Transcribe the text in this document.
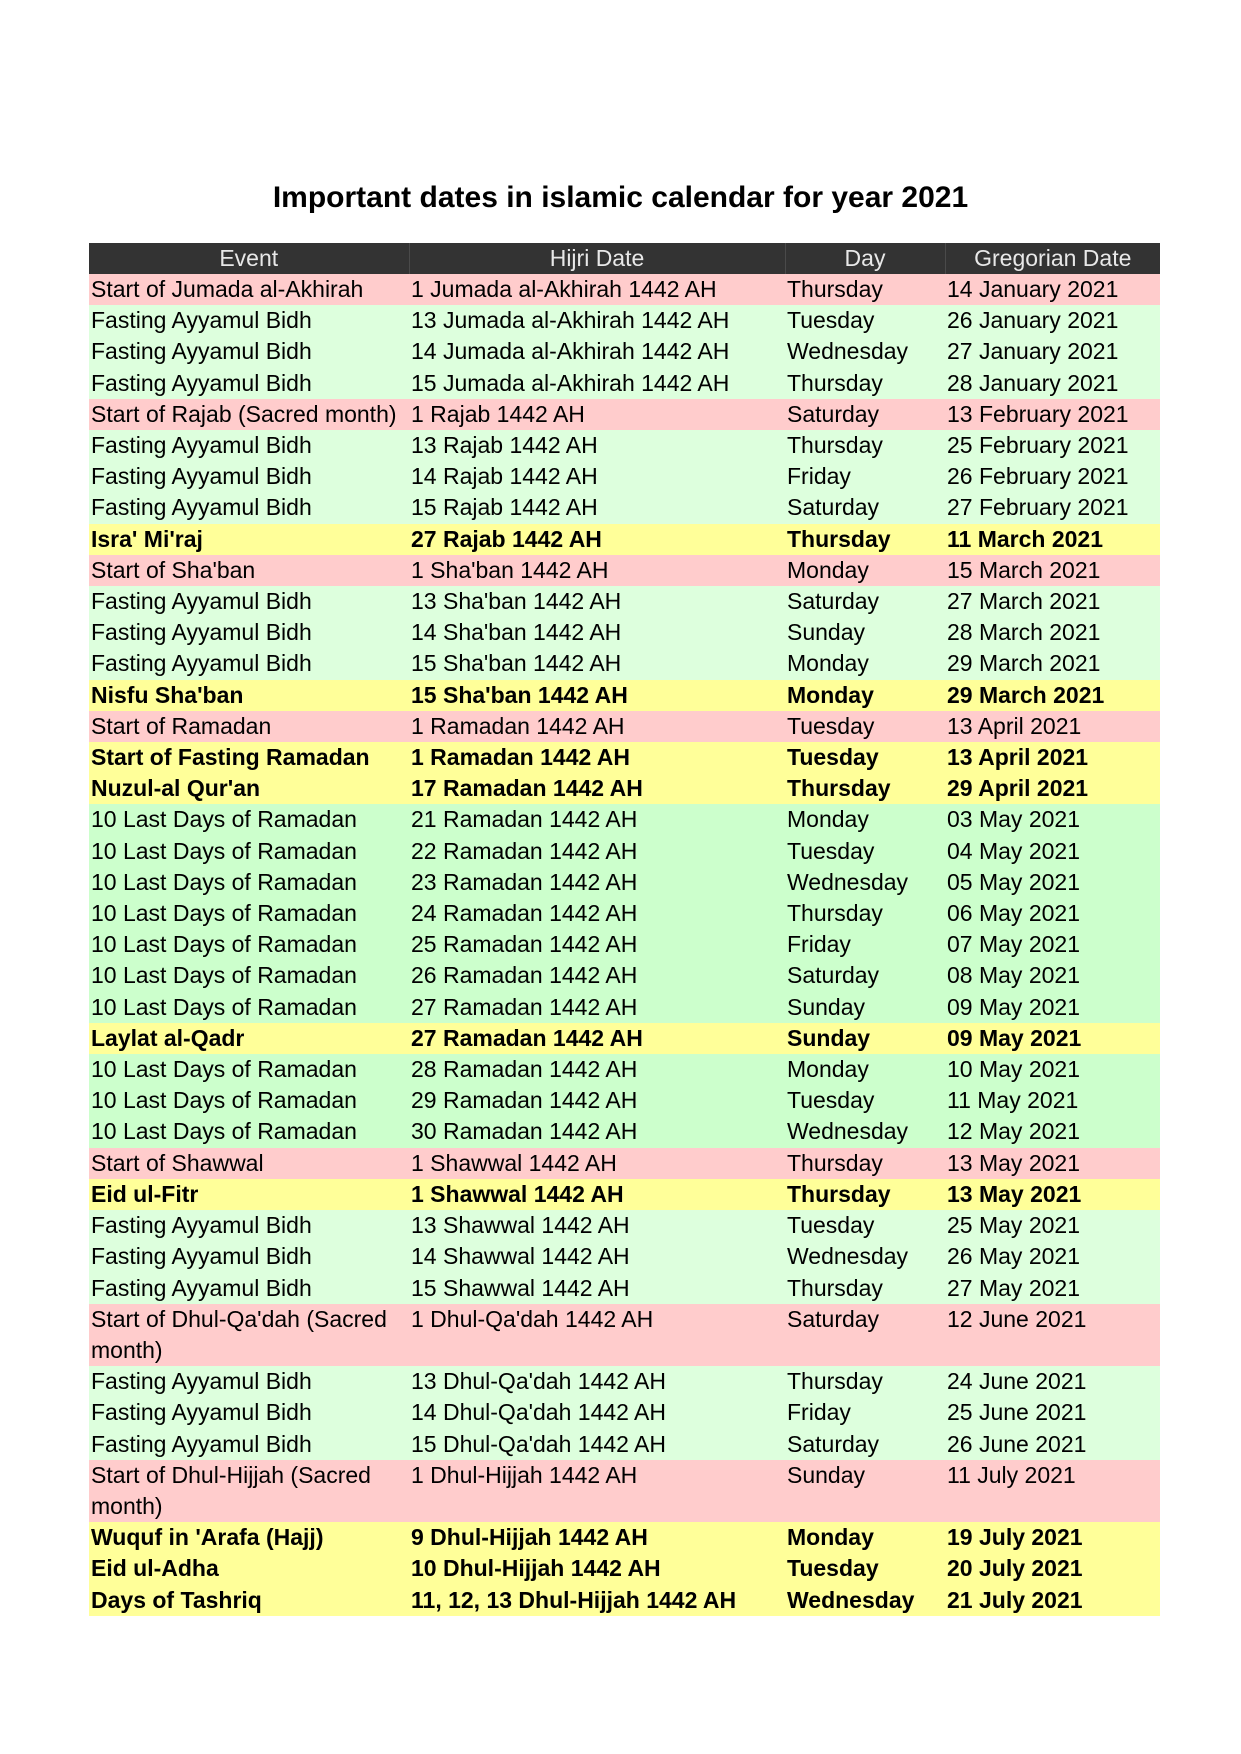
Important dates in islamic calendar for year 2021
Event	Hijri Date	Day	Gregorian Date
Start of Jumada al-Akhirah	1 Jumada al-Akhirah 1442 AH	Thursday	14 January 2021
Fasting Ayyamul Bidh	13 Jumada al-Akhirah 1442 AH	Tuesday	26 January 2021
Fasting Ayyamul Bidh	14 Jumada al-Akhirah 1442 AH	Wednesday	27 January 2021
Fasting Ayyamul Bidh	15 Jumada al-Akhirah 1442 AH	Thursday	28 January 2021
Start of Rajab (Sacred month)	1 Rajab 1442 AH	Saturday	13 February 2021
Fasting Ayyamul Bidh	13 Rajab 1442 AH	Thursday	25 February 2021
Fasting Ayyamul Bidh	14 Rajab 1442 AH	Friday	26 February 2021
Fasting Ayyamul Bidh	15 Rajab 1442 AH	Saturday	27 February 2021
Isra' Mi'raj	27 Rajab 1442 AH	Thursday	11 March 2021
Start of Sha'ban	1 Sha'ban 1442 AH	Monday	15 March 2021
Fasting Ayyamul Bidh	13 Sha'ban 1442 AH	Saturday	27 March 2021
Fasting Ayyamul Bidh	14 Sha'ban 1442 AH	Sunday	28 March 2021
Fasting Ayyamul Bidh	15 Sha'ban 1442 AH	Monday	29 March 2021
Nisfu Sha'ban	15 Sha'ban 1442 AH	Monday	29 March 2021
Start of Ramadan	1 Ramadan 1442 AH	Tuesday	13 April 2021
Start of Fasting Ramadan	1 Ramadan 1442 AH	Tuesday	13 April 2021
Nuzul-al Qur'an	17 Ramadan 1442 AH	Thursday	29 April 2021
10 Last Days of Ramadan	21 Ramadan 1442 AH	Monday	03 May 2021
10 Last Days of Ramadan	22 Ramadan 1442 AH	Tuesday	04 May 2021
10 Last Days of Ramadan	23 Ramadan 1442 AH	Wednesday	05 May 2021
10 Last Days of Ramadan	24 Ramadan 1442 AH	Thursday	06 May 2021
10 Last Days of Ramadan	25 Ramadan 1442 AH	Friday	07 May 2021
10 Last Days of Ramadan	26 Ramadan 1442 AH	Saturday	08 May 2021
10 Last Days of Ramadan	27 Ramadan 1442 AH	Sunday	09 May 2021
Laylat al-Qadr	27 Ramadan 1442 AH	Sunday	09 May 2021
10 Last Days of Ramadan	28 Ramadan 1442 AH	Monday	10 May 2021
10 Last Days of Ramadan	29 Ramadan 1442 AH	Tuesday	11 May 2021
10 Last Days of Ramadan	30 Ramadan 1442 AH	Wednesday	12 May 2021
Start of Shawwal	1 Shawwal 1442 AH	Thursday	13 May 2021
Eid ul-Fitr	1 Shawwal 1442 AH	Thursday	13 May 2021
Fasting Ayyamul Bidh	13 Shawwal 1442 AH	Tuesday	25 May 2021
Fasting Ayyamul Bidh	14 Shawwal 1442 AH	Wednesday	26 May 2021
Fasting Ayyamul Bidh	15 Shawwal 1442 AH	Thursday	27 May 2021
Start of Dhul-Qa'dah (Sacred month)	1 Dhul-Qa'dah 1442 AH	Saturday	12 June 2021
Fasting Ayyamul Bidh	13 Dhul-Qa'dah 1442 AH	Thursday	24 June 2021
Fasting Ayyamul Bidh	14 Dhul-Qa'dah 1442 AH	Friday	25 June 2021
Fasting Ayyamul Bidh	15 Dhul-Qa'dah 1442 AH	Saturday	26 June 2021
Start of Dhul-Hijjah (Sacred month)	1 Dhul-Hijjah 1442 AH	Sunday	11 July 2021
Wuquf in 'Arafa (Hajj)	9 Dhul-Hijjah 1442 AH	Monday	19 July 2021
Eid ul-Adha	10 Dhul-Hijjah 1442 AH	Tuesday	20 July 2021
Days of Tashriq	11, 12, 13 Dhul-Hijjah 1442 AH	Wednesday	21 July 2021
